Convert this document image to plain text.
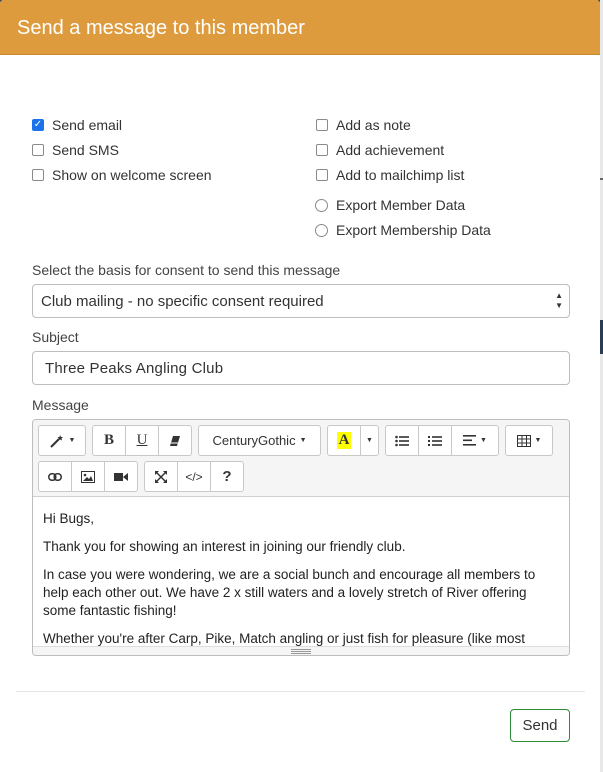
Send a message to this member
✓ Send email
Send SMS
Show on welcome screen
Add as note
Add achievement
Add to mailchimp list
Export Member Data
Export Membership Data
Select the basis for consent to send this message
Club mailing - no specific consent required	▲
▼
Subject
Three Peaks Angling Club
Message
▼ B U	CenturyGothic ▼ A ▼	▼	▼
</> ?

Hi Bugs,

Thank you for showing an interest in joining our friendly club.

In case you were wondering, we are a social bunch and encourage all members to help each other out. We have 2 x still waters and a lovely stretch of River offering some fantastic fishing!

Whether you're after Carp, Pike, Match angling or just fish for pleasure (like most

Send
